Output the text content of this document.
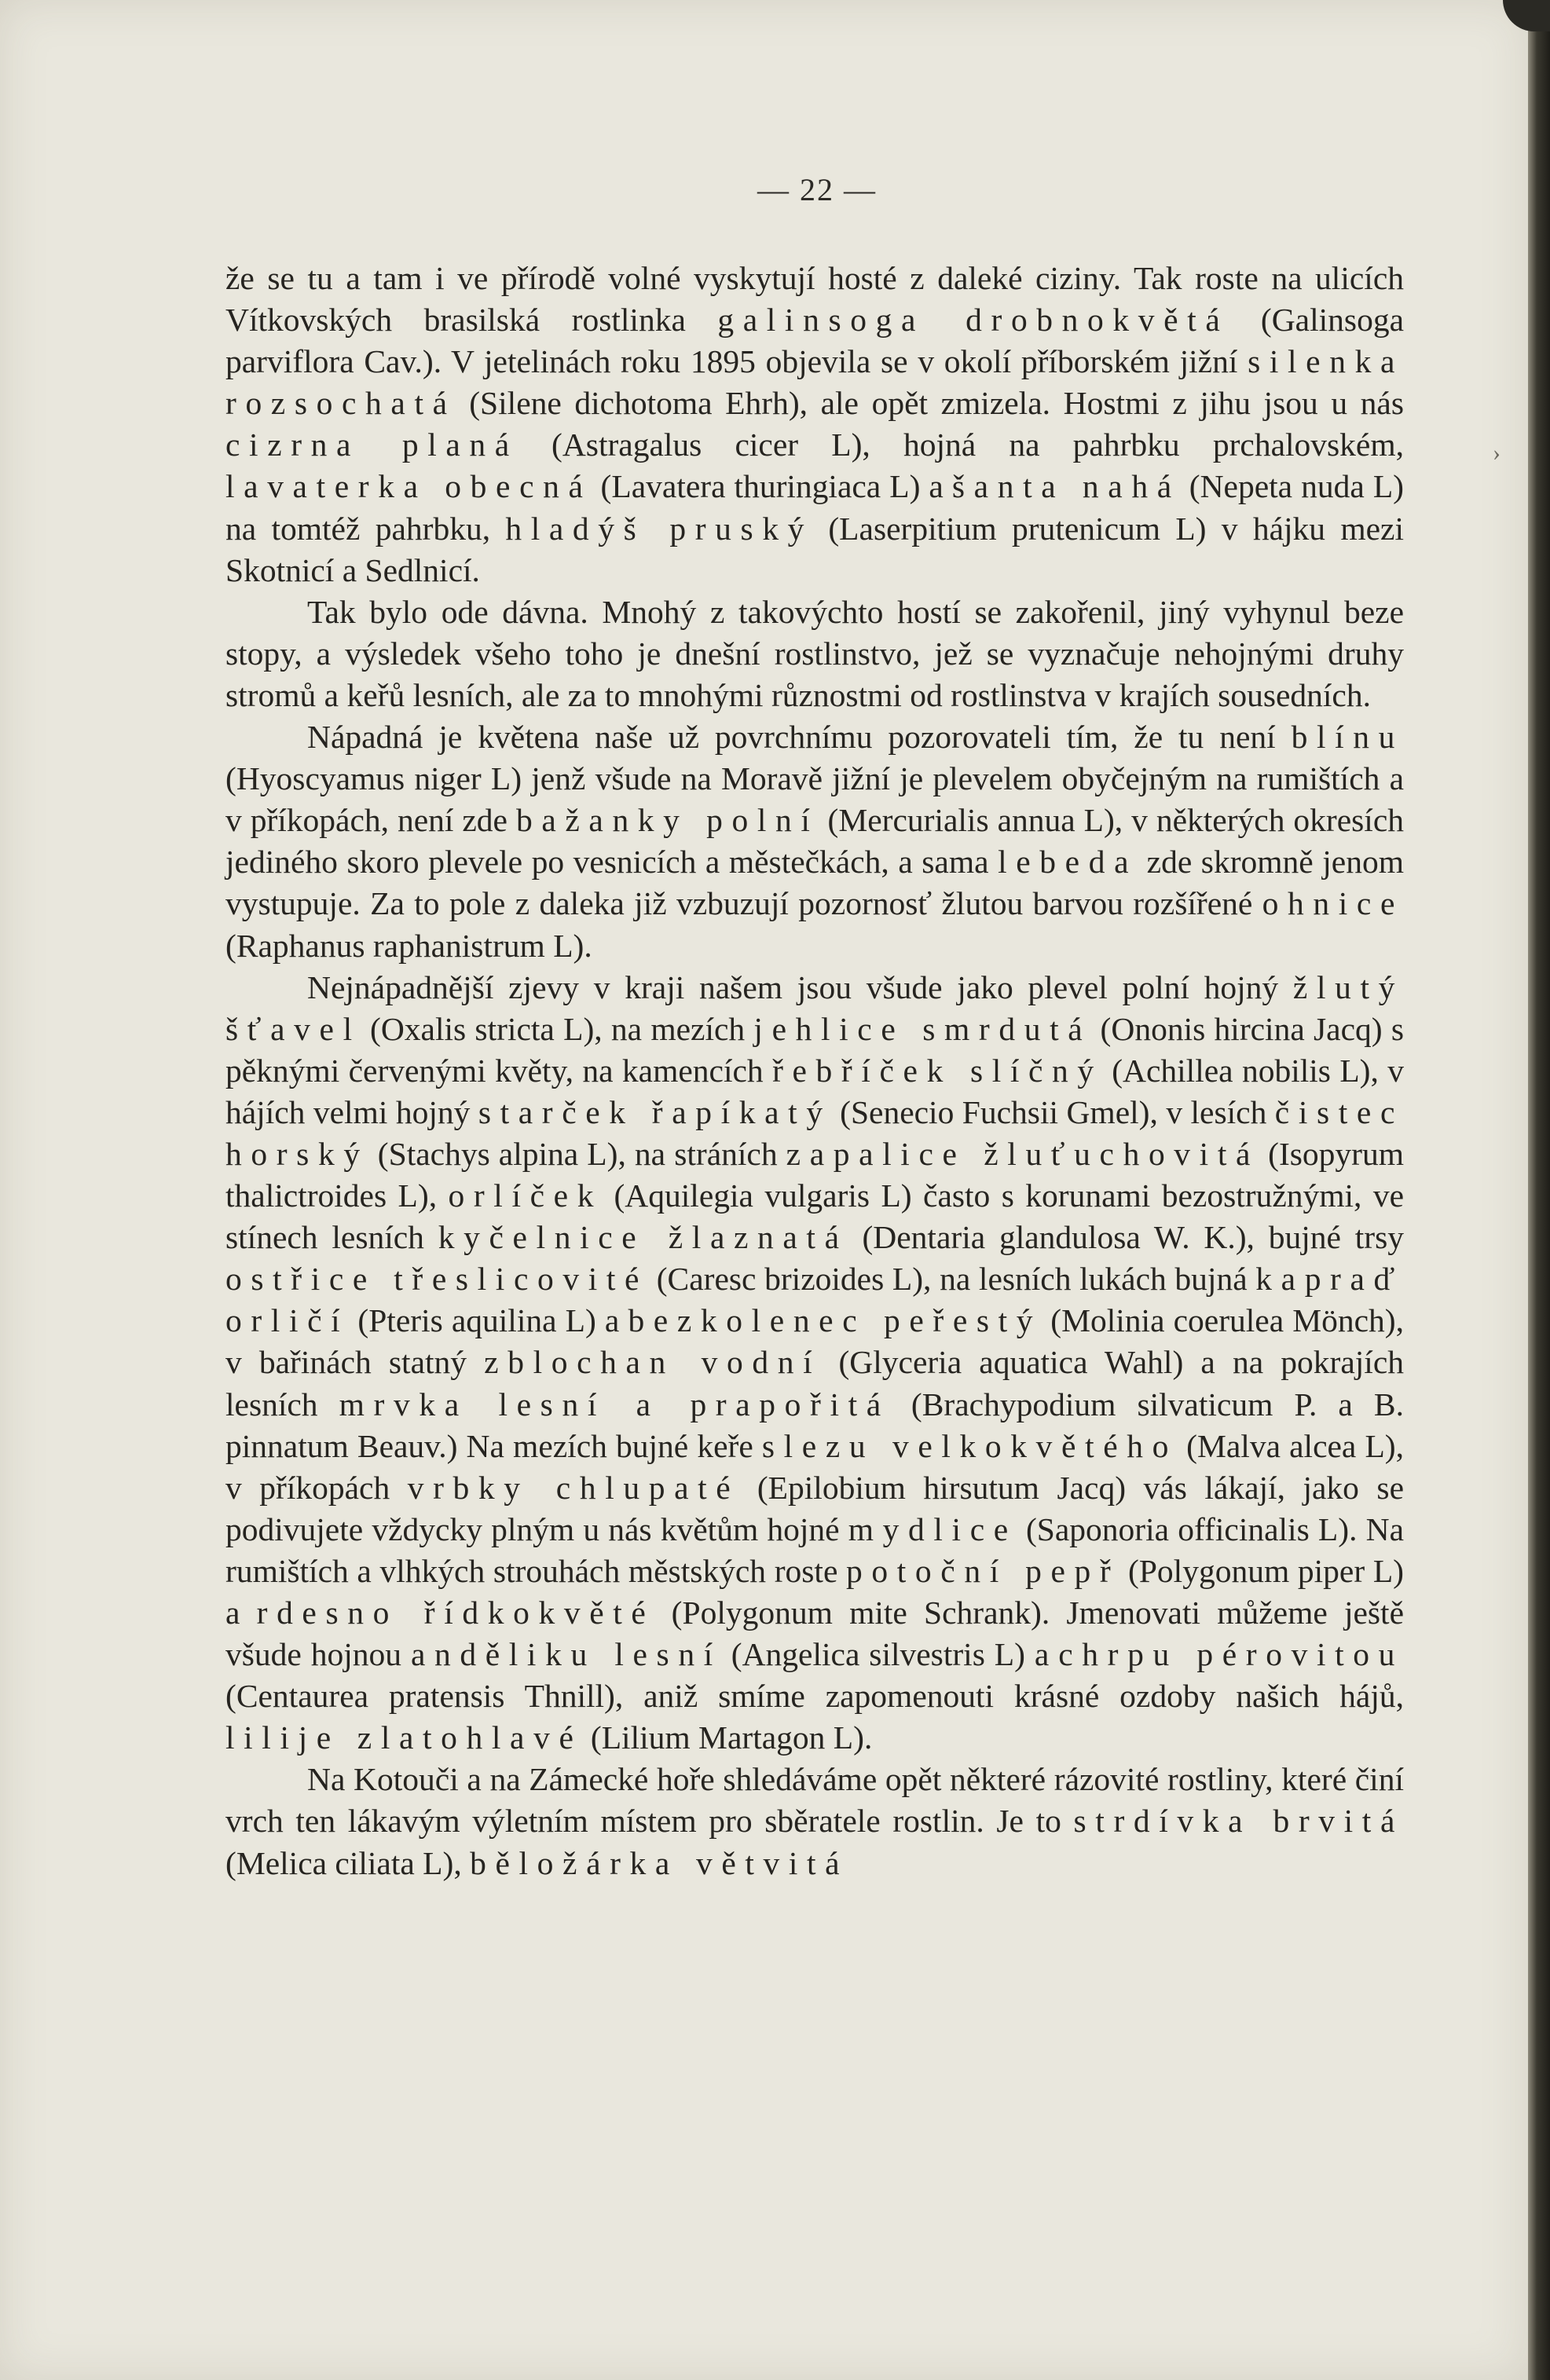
— 22 —

že se tu a tam i ve přírodě volné vyskytují hosté z daleké ciziny. Tak roste na ulicích Vítkovských brasilská rostlinka galinsoga drobnokvětá (Galinsoga parviflora Cav.). V jetelinách roku 1895 objevila se v okolí příborském jižní silenka rozsochatá (Silene dichotoma Ehrh), ale opět zmizela. Hostmi z jihu jsou u nás cizrna planá (Astragalus cicer L), hojná na pahrbku prchalovském, lavaterka obecná (Lavatera thuringiaca L) a šanta nahá (Nepeta nuda L) na tomtéž pahrbku, hladýš pruský (Laserpitium prutenicum L) v hájku mezi Skotnicí a Sedlnicí.

Tak bylo ode dávna. Mnohý z takovýchto hostí se zakořenil, jiný vyhynul beze stopy, a výsledek všeho toho je dnešní rostlinstvo, jež se vyznačuje nehojnými druhy stromů a keřů lesních, ale za to mnohými různostmi od rostlinstva v krajích sousedních.

Nápadná je květena naše už povrchnímu pozorovateli tím, že tu není blínu (Hyoscyamus niger L) jenž všude na Moravě jižní je plevelem obyčejným na rumištích a v příkopách, není zde bažanky polní (Mercurialis annua L), v některých okresích jediného skoro plevele po vesnicích a městečkách, a sama lebeda zde skromně jenom vystupuje. Za to pole z daleka již vzbuzují pozornosť žlutou barvou rozšířené ohnice (Raphanus raphanistrum L).

Nejnápadnější zjevy v kraji našem jsou všude jako plevel polní hojný žlutý šťavel (Oxalis stricta L), na mezích jehlice smrdutá (Ononis hircina Jacq) s pěknými červenými květy, na kamencích řebříček slíčný (Achillea nobilis L), v hájích velmi hojný starček řapíkatý (Senecio Fuchsii Gmel), v lesích čistec horský (Stachys alpina L), na stráních zapalice žluťuchovitá (Isopyrum thalictroides L), orlíček (Aquilegia vulgaris L) často s korunami bezostružnými, ve stínech lesních kyčelnice žlaznatá (Dentaria glandulosa W. K.), bujné trsy ostřice třeslicovité (Caresc brizoides L), na lesních lukách bujná kapraď orličí (Pteris aquilina L) a bezkolenec peřestý (Molinia coerulea Mönch), v bařinách statný zblochan vodní (Glyceria aquatica Wahl) a na pokrajích lesních mrvka lesní a prapořitá (Brachypodium silvaticum P. a B. pinnatum Beauv.) Na mezích bujné keře slezu velkokvětého (Malva alcea L), v příkopách vrbky chlupaté (Epilobium hirsutum Jacq) vás lákají, jako se podivujete vždycky plným u nás květům hojné mydlice (Saponoria officinalis L). Na rumištích a vlhkých strouhách městských roste potoční pepř (Polygonum piper L) a rdesno řídkokvěté (Polygonum mite Schrank). Jmenovati můžeme ještě všude hojnou anděliku lesní (Angelica silvestris L) a chrpu pérovitou (Centaurea pratensis Thnill), aniž smíme zapomenouti krásné ozdoby našich hájů, lilije zlatohlavé (Lilium Martagon L).

Na Kotouči a na Zámecké hoře shledáváme opět některé rázovité rostliny, které činí vrch ten lákavým výletním místem pro sběratele rostlin. Je to strdívka brvitá (Melica ciliata L), běložárka větvitá

›
